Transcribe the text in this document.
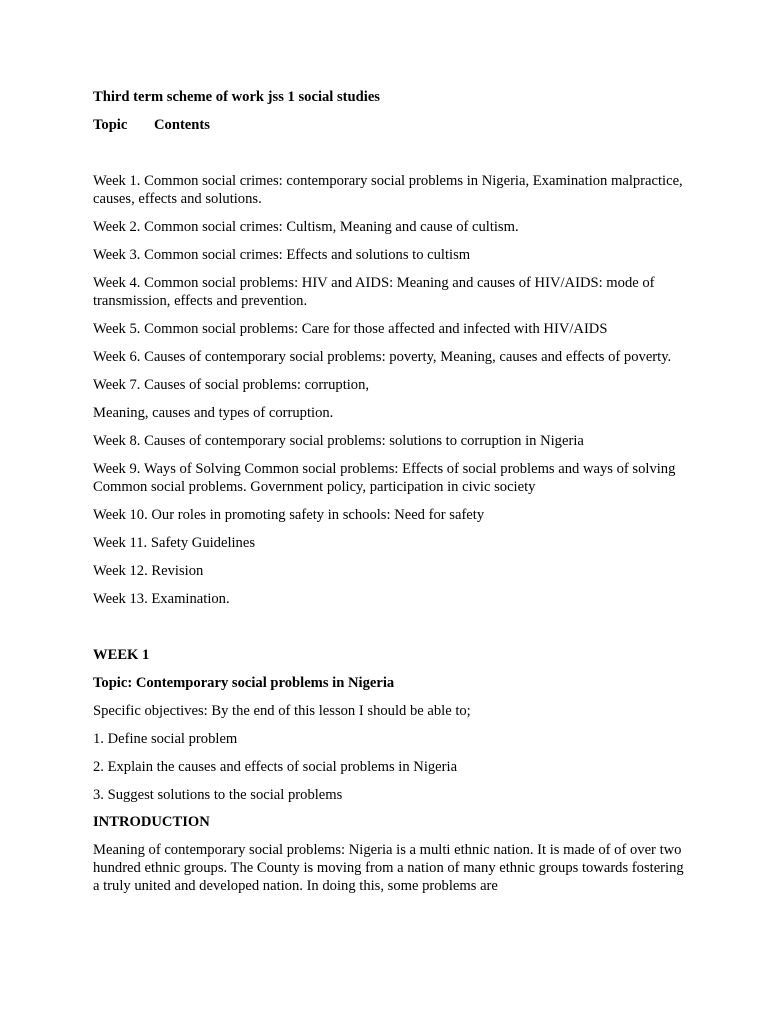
Third term scheme of work jss 1 social studies
Topic Contents
Week 1. Common social crimes: contemporary social problems in Nigeria, Examination malpractice, causes, effects and solutions.
Week 2. Common social crimes: Cultism, Meaning and cause of cultism.
Week 3. Common social crimes: Effects and solutions to cultism
Week 4. Common social problems: HIV and AIDS: Meaning and causes of HIV/AIDS: mode of transmission, effects and prevention.
Week 5. Common social problems: Care for those affected and infected with HIV/AIDS
Week 6. Causes of contemporary social problems: poverty, Meaning, causes and effects of poverty.
Week 7. Causes of social problems: corruption,
Meaning, causes and types of corruption.
Week 8. Causes of contemporary social problems: solutions to corruption in Nigeria
Week 9. Ways of Solving Common social problems: Effects of social problems and ways of solving Common social problems. Government policy, participation in civic society
Week 10. Our roles in promoting safety in schools: Need for safety
Week 11. Safety Guidelines
Week 12. Revision
Week 13. Examination.
WEEK 1
Topic: Contemporary social problems in Nigeria
Specific objectives: By the end of this lesson I should be able to;
1. Define social problem
2. Explain the causes and effects of social problems in Nigeria
3. Suggest solutions to the social problems
INTRODUCTION
Meaning of contemporary social problems: Nigeria is a multi ethnic nation. It is made of of over two hundred ethnic groups. The County is moving from a nation of many ethnic groups towards fostering a truly united and developed nation. In doing this, some problems are
